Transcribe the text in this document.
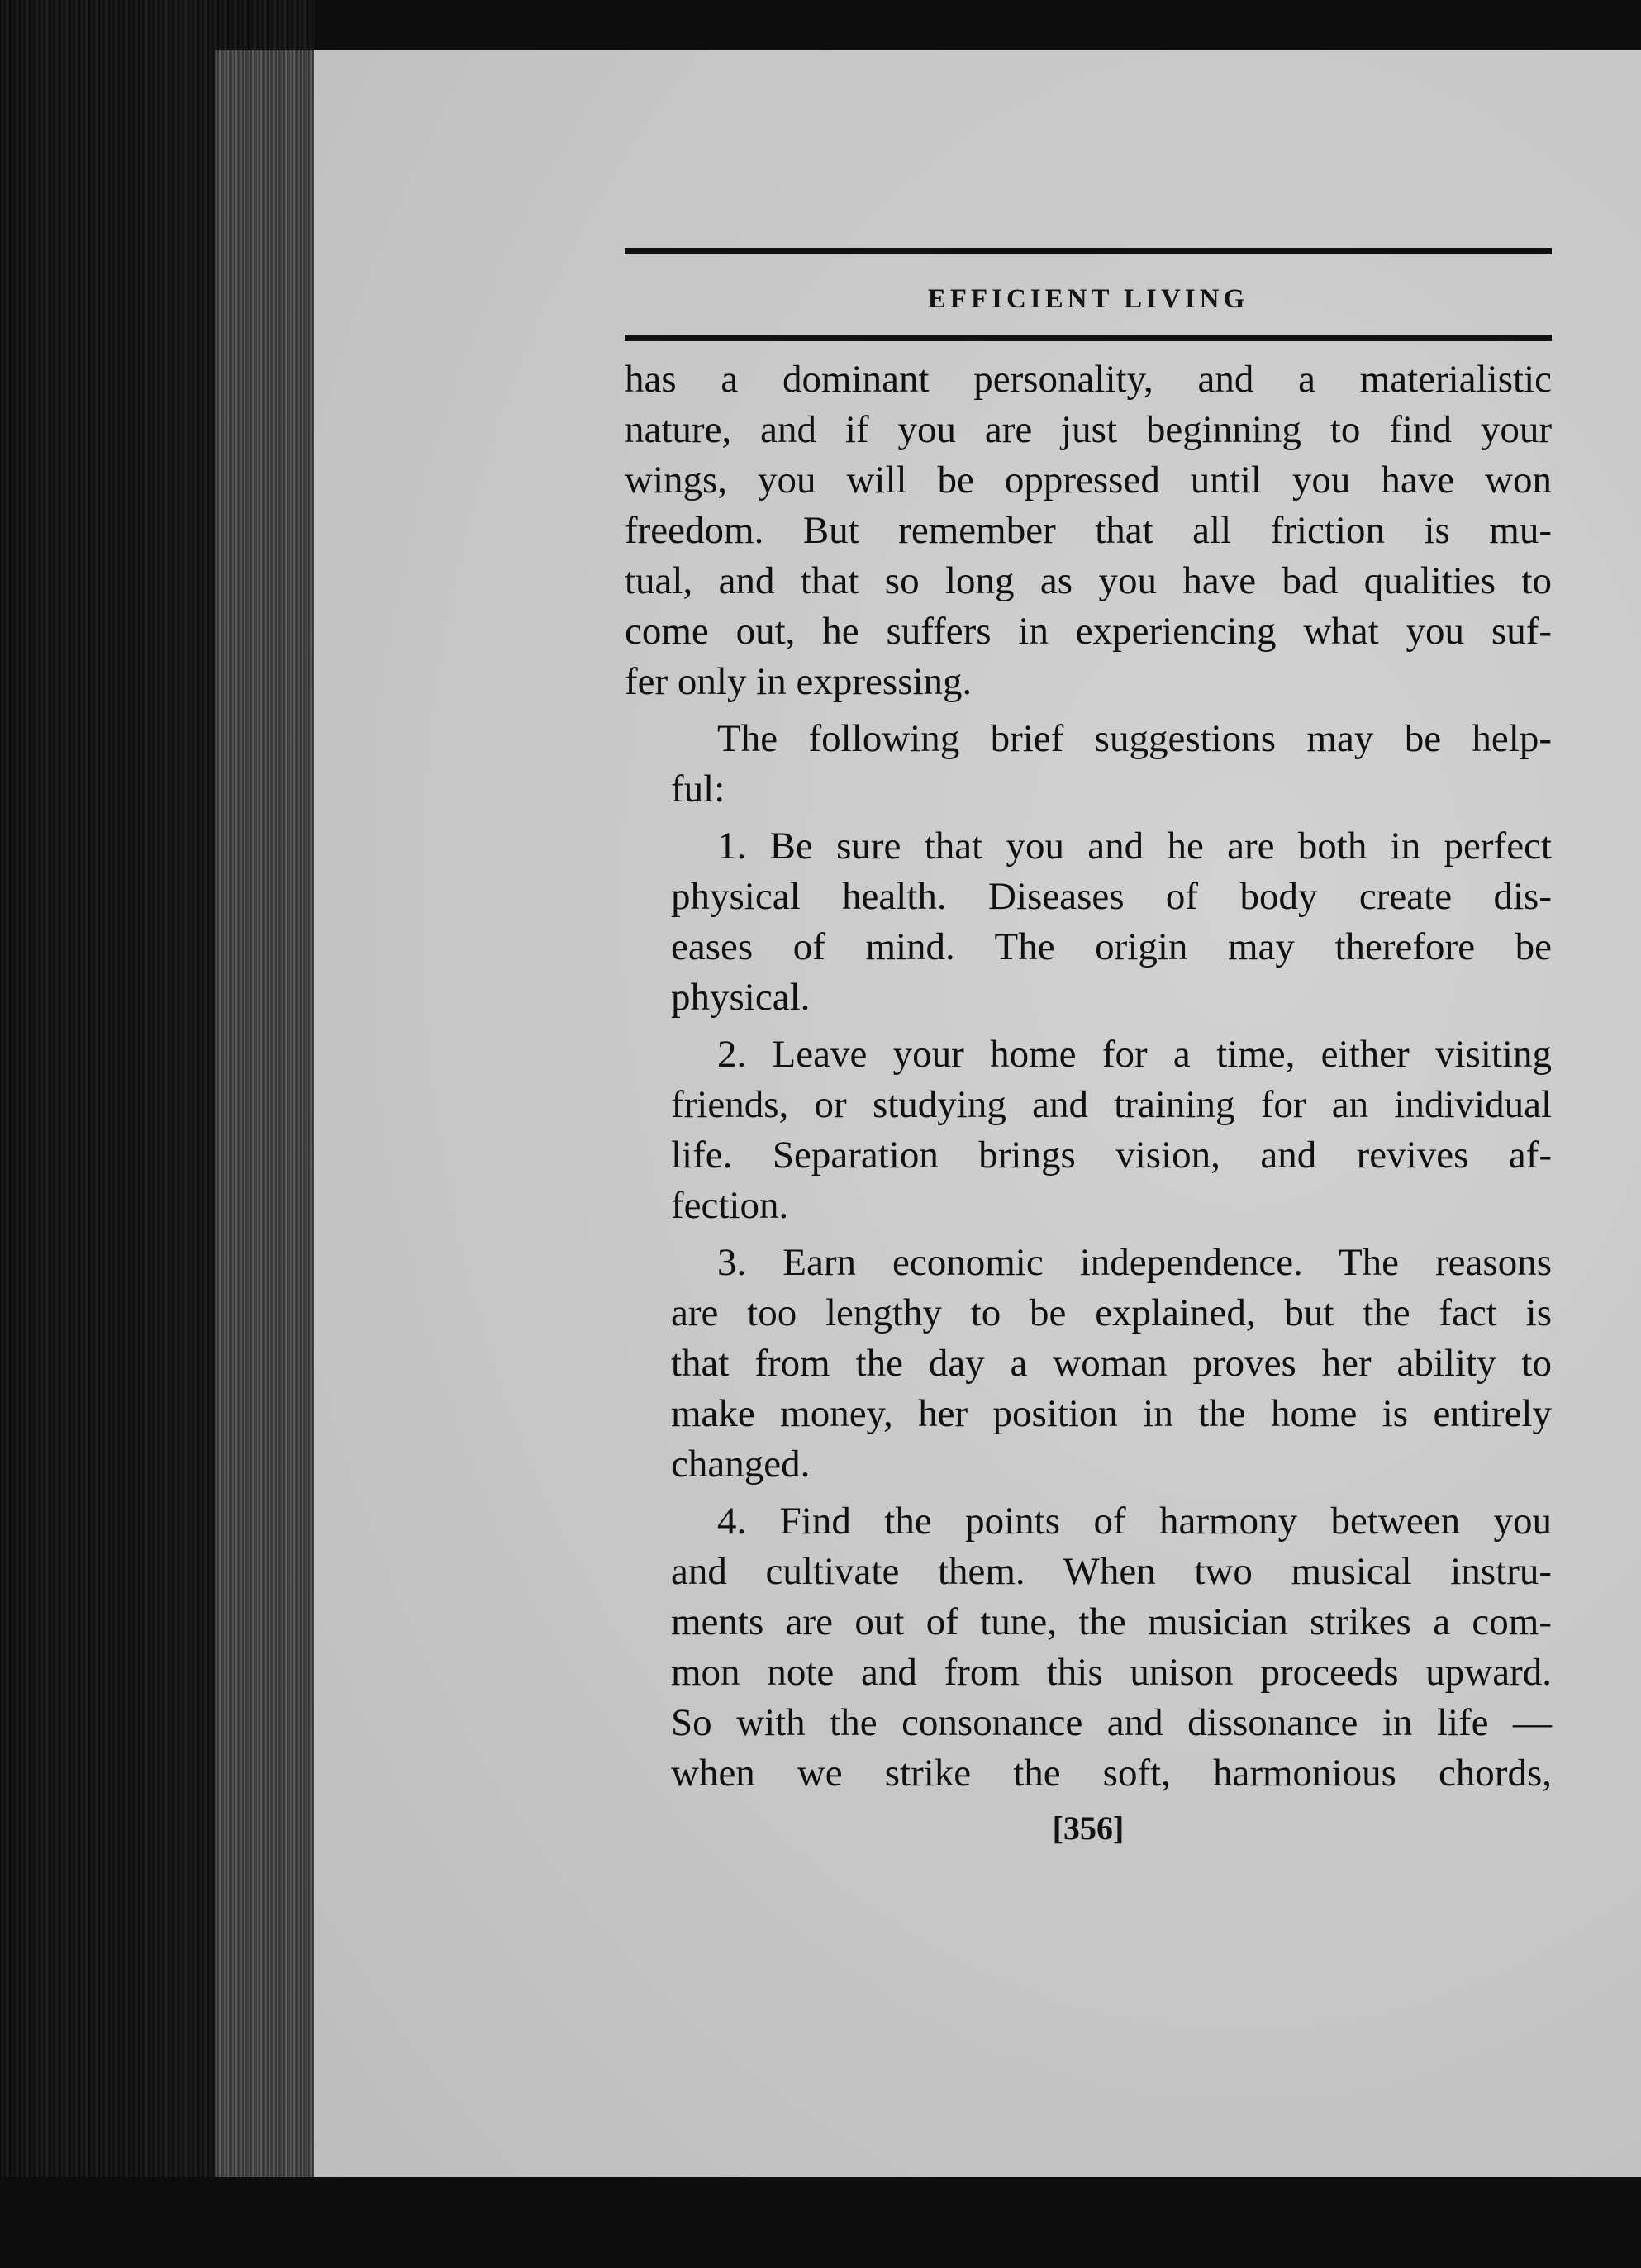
EFFICIENT LIVING

has a dominant personality, and a materialistic
nature, and if you are just beginning to find your
wings, you will be oppressed until you have won
freedom. But remember that all friction is mu-
tual, and that so long as you have bad qualities to
come out, he suffers in experiencing what you suf-
fer only in expressing.

The following brief suggestions may be help-
ful:

1. Be sure that you and he are both in perfect
physical health. Diseases of body create dis-
eases of mind. The origin may therefore be
physical.

2. Leave your home for a time, either visiting
friends, or studying and training for an individual
life. Separation brings vision, and revives af-
fection.

3. Earn economic independence. The reasons
are too lengthy to be explained, but the fact is
that from the day a woman proves her ability to
make money, her position in the home is entirely
changed.

4. Find the points of harmony between you
and cultivate them. When two musical instru-
ments are out of tune, the musician strikes a com-
mon note and from this unison proceeds upward.
So with the consonance and dissonance in life —
when we strike the soft, harmonious chords,

[356]
